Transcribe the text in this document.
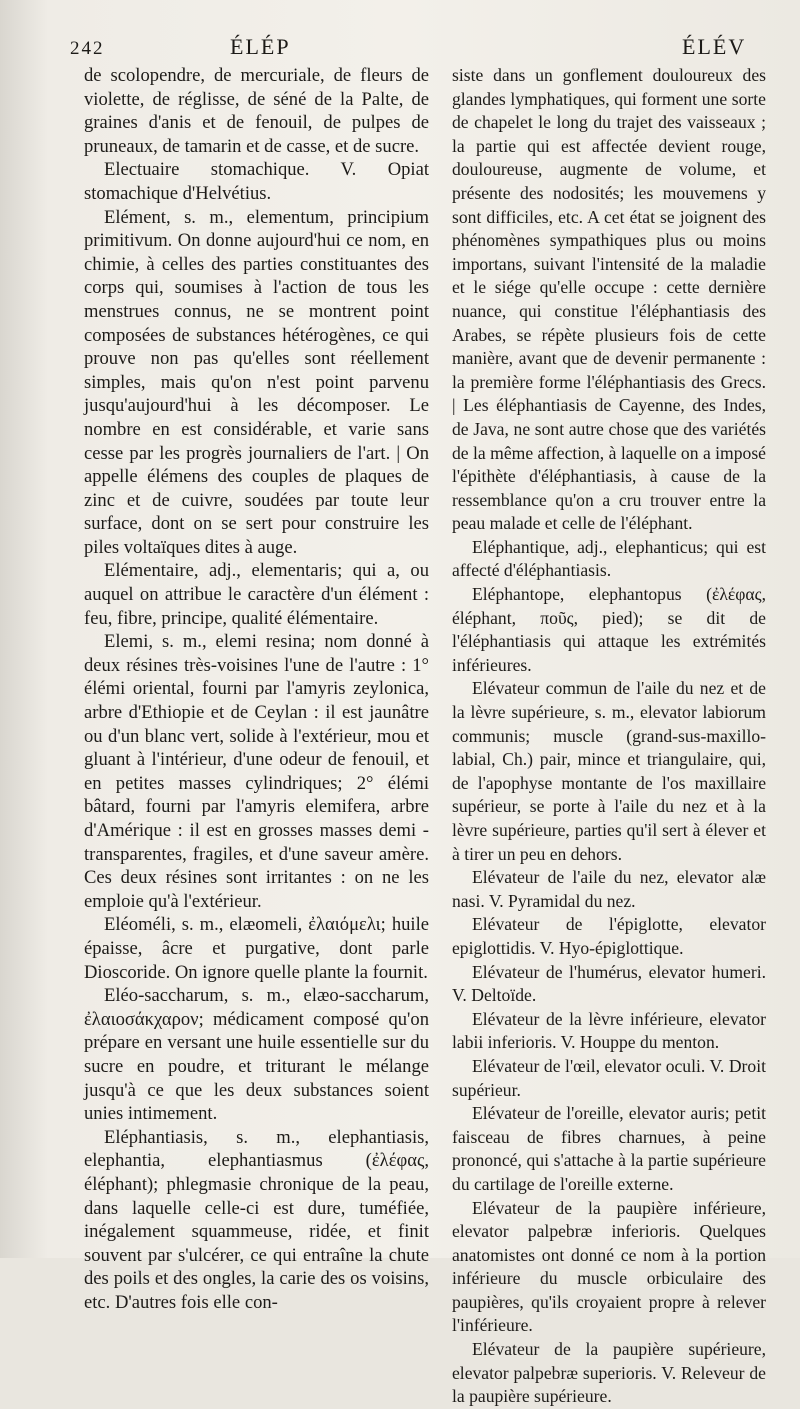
242	ÉLÉP	ÉLÉV

de scolopendre, de mercuriale, de fleurs de violette, de réglisse, de séné de la Palte, de graines d'anis et de fenouil, de pulpes de pruneaux, de tamarin et de casse, et de sucre.

Electuaire stomachique. V. Opiat stomachique d'Helvétius.

Elément, s. m., elementum, principium primitivum. On donne aujourd'hui ce nom, en chimie, à celles des parties constituantes des corps qui, soumises à l'action de tous les menstrues connus, ne se montrent point composées de substances hétérogènes, ce qui prouve non pas qu'elles sont réellement simples, mais qu'on n'est point parvenu jusqu'aujourd'hui à les décomposer. Le nombre en est considérable, et varie sans cesse par les progrès journaliers de l'art. | On appelle élémens des couples de plaques de zinc et de cuivre, soudées par toute leur surface, dont on se sert pour construire les piles voltaïques dites à auge.

Elémentaire, adj., elementaris; qui a, ou auquel on attribue le caractère d'un élément : feu, fibre, principe, qualité élémentaire.

Elemi, s. m., elemi resina; nom donné à deux résines très-voisines l'une de l'autre : 1° élémi oriental, fourni par l'amyris zeylonica, arbre d'Ethiopie et de Ceylan : il est jaunâtre ou d'un blanc vert, solide à l'extérieur, mou et gluant à l'intérieur, d'une odeur de fenouil, et en petites masses cylindriques; 2° élémi bâtard, fourni par l'amyris elemifera, arbre d'Amérique : il est en grosses masses demi - transparentes, fragiles, et d'une saveur amère. Ces deux résines sont irritantes : on ne les emploie qu'à l'extérieur.

Eléoméli, s. m., elæomeli, ἐλαιόμελι; huile épaisse, âcre et purgative, dont parle Dioscoride. On ignore quelle plante la fournit.

Eléo-saccharum, s. m., elæo-saccharum, ἐλαιοσάκχαρον; médicament composé qu'on prépare en versant une huile essentielle sur du sucre en poudre, et triturant le mélange jusqu'à ce que les deux substances soient unies intimement.

Eléphantiasis, s. m., elephantiasis, elephantia, elephantiasmus (ἐλέφας, éléphant); phlegmasie chronique de la peau, dans laquelle celle-ci est dure, tuméfiée, inégalement squammeuse, ridée, et finit souvent par s'ulcérer, ce qui entraîne la chute des poils et des ongles, la carie des os voisins, etc. D'autres fois elle con-

siste dans un gonflement douloureux des glandes lymphatiques, qui forment une sorte de chapelet le long du trajet des vaisseaux ; la partie qui est affectée devient rouge, douloureuse, augmente de volume, et présente des nodosités; les mouvemens y sont difficiles, etc. A cet état se joignent des phénomènes sympathiques plus ou moins importans, suivant l'intensité de la maladie et le siége qu'elle occupe : cette dernière nuance, qui constitue l'éléphantiasis des Arabes, se répète plusieurs fois de cette manière, avant que de devenir permanente : la première forme l'éléphantiasis des Grecs. | Les éléphantiasis de Cayenne, des Indes, de Java, ne sont autre chose que des variétés de la même affection, à laquelle on a imposé l'épithète d'éléphantiasis, à cause de la ressemblance qu'on a cru trouver entre la peau malade et celle de l'éléphant.

Eléphantique, adj., elephanticus; qui est affecté d'éléphantiasis.

Eléphantope, elephantopus (ἐλέφας, éléphant, ποῦς, pied); se dit de l'éléphantiasis qui attaque les extrémités inférieures.

Elévateur commun de l'aile du nez et de la lèvre supérieure, s. m., elevator labiorum communis; muscle (grand-sus-maxillo-labial, Ch.) pair, mince et triangulaire, qui, de l'apophyse montante de l'os maxillaire supérieur, se porte à l'aile du nez et à la lèvre supérieure, parties qu'il sert à élever et à tirer un peu en dehors.

Elévateur de l'aile du nez, elevator alæ nasi. V. Pyramidal du nez.

Elévateur de l'épiglotte, elevator epiglottidis. V. Hyo-épiglottique.

Elévateur de l'humérus, elevator humeri. V. Deltoïde.

Elévateur de la lèvre inférieure, elevator labii inferioris. V. Houppe du menton.

Elévateur de l'œil, elevator oculi. V. Droit supérieur.

Elévateur de l'oreille, elevator auris; petit faisceau de fibres charnues, à peine prononcé, qui s'attache à la partie supérieure du cartilage de l'oreille externe.

Elévateur de la paupière inférieure, elevator palpebræ inferioris. Quelques anatomistes ont donné ce nom à la portion inférieure du muscle orbiculaire des paupières, qu'ils croyaient propre à relever l'inférieure.

Elévateur de la paupière supérieure, elevator palpebræ superioris. V. Releveur de la paupière supérieure.
